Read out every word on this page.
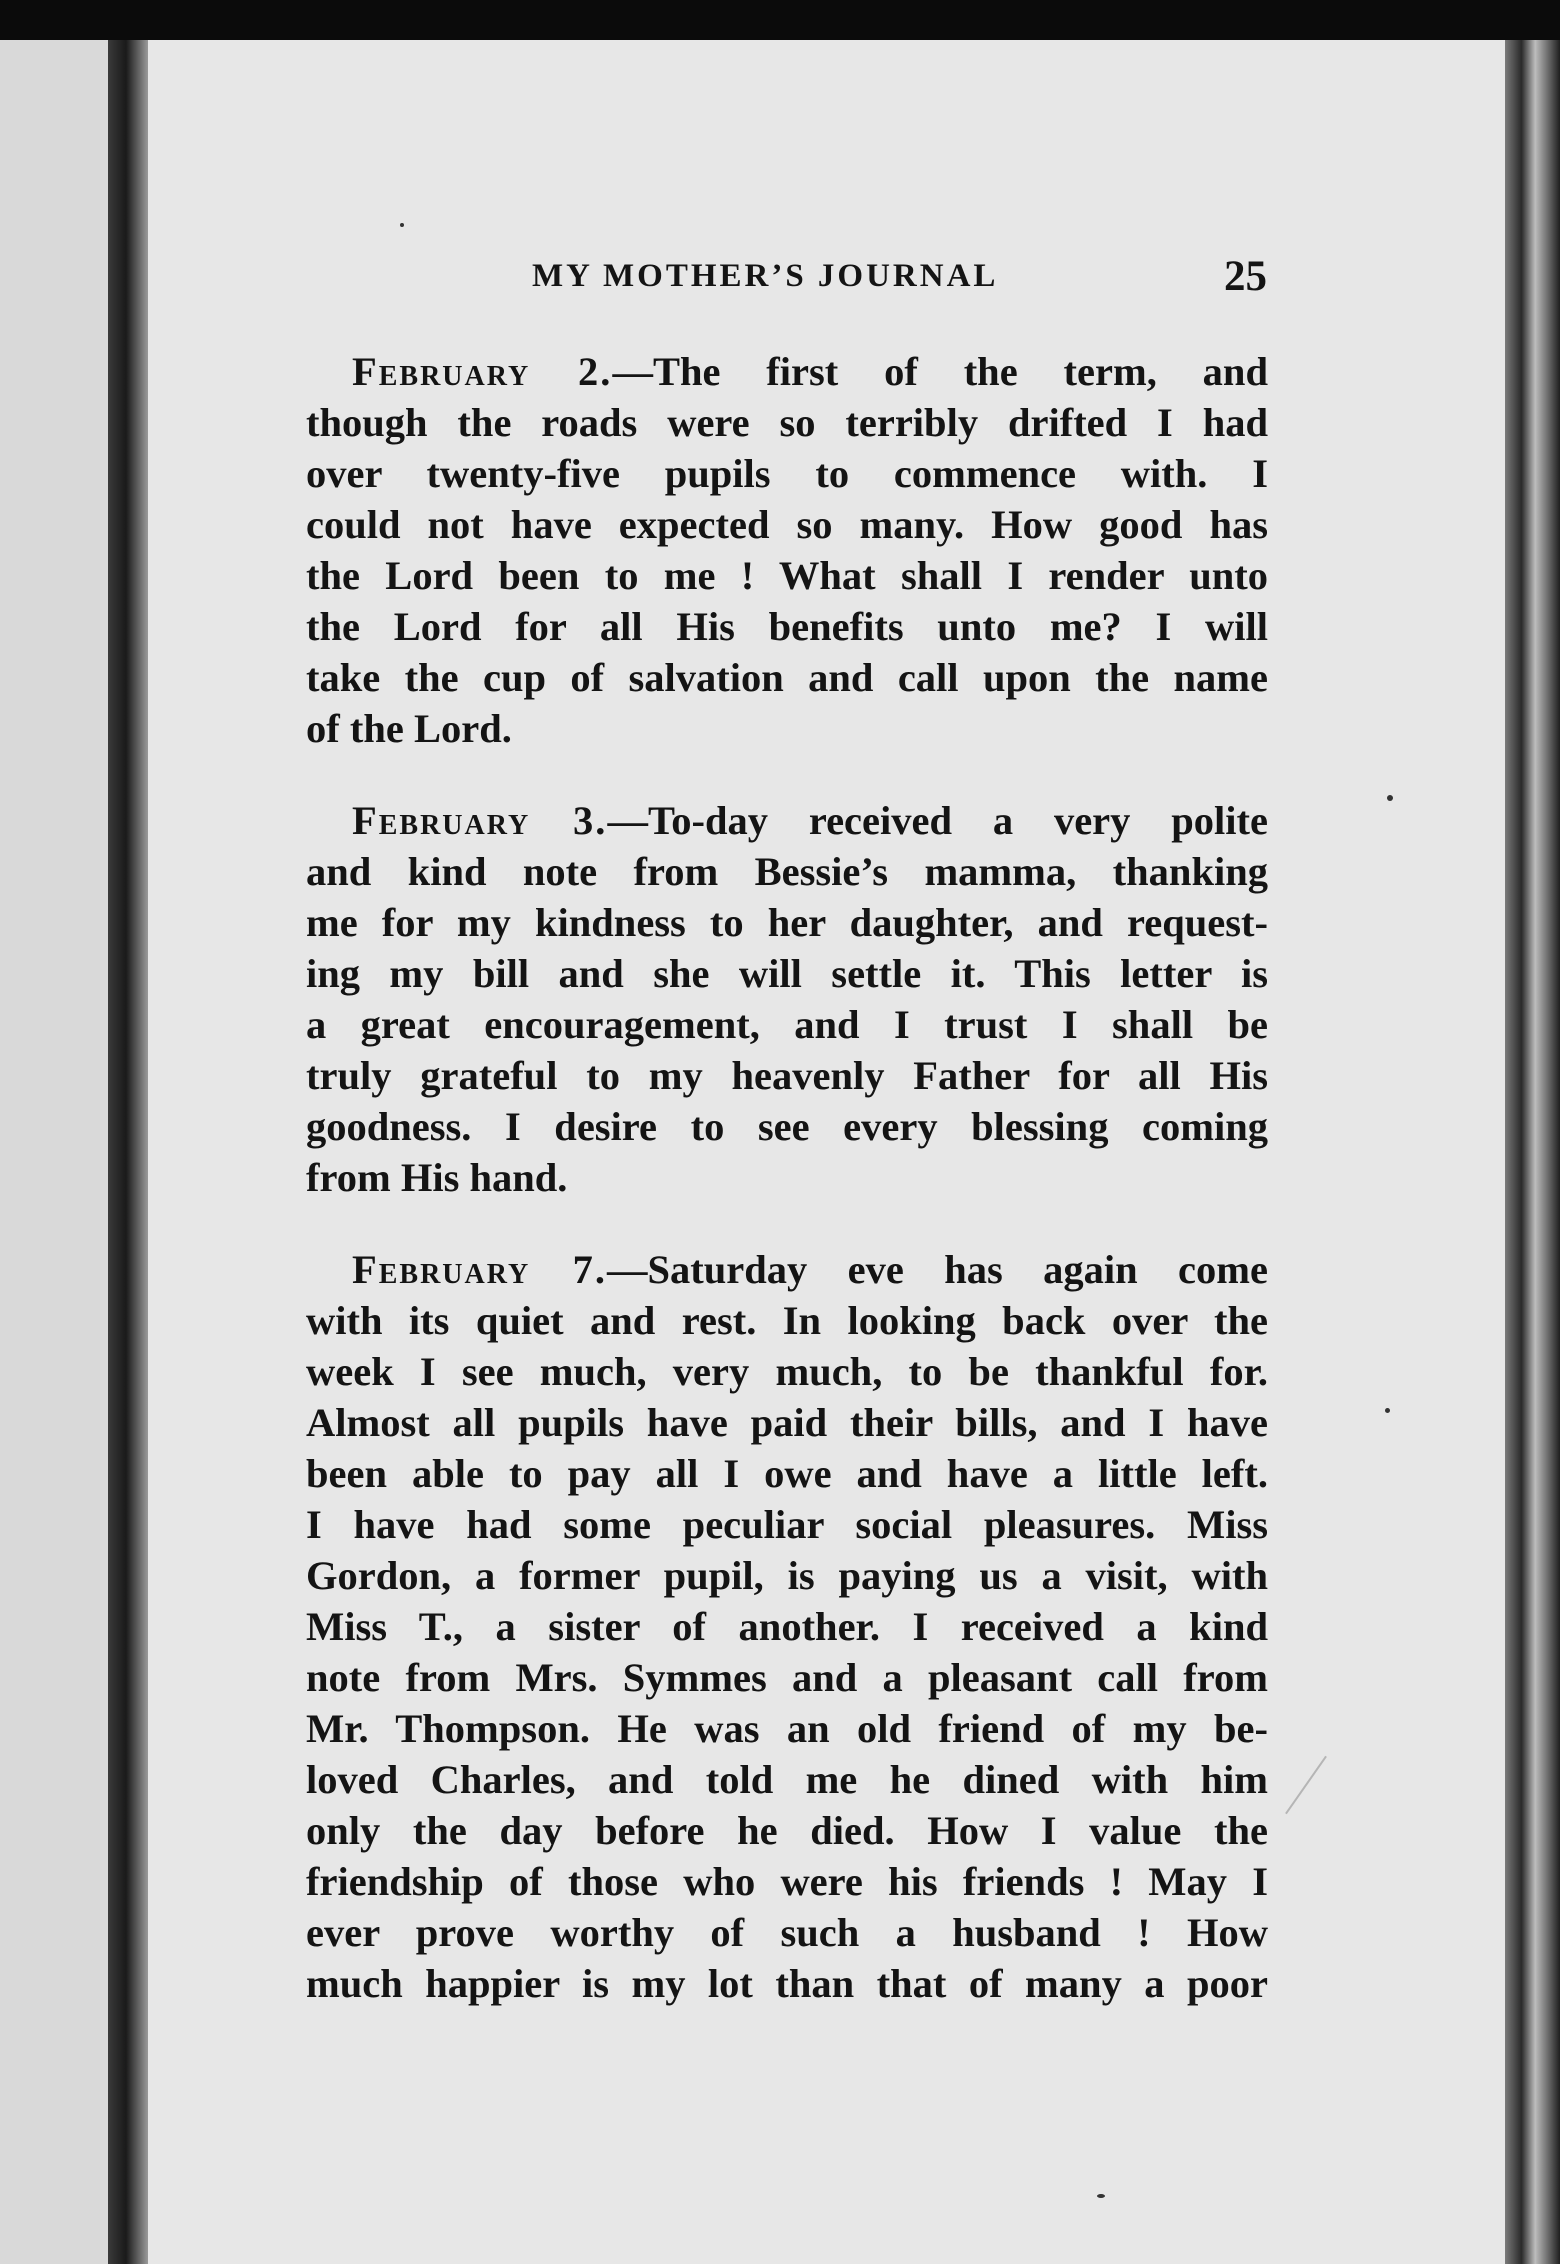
MY MOTHER’S JOURNAL	25
February 2.—The first of the term, and
though the roads were so terribly drifted I had
over twenty-five pupils to commence with. I
could not have expected so many. How good has
the Lord been to me ! What shall I render unto
the Lord for all His benefits unto me? I will
take the cup of salvation and call upon the name
of the Lord.
February 3.—To-day received a very polite
and kind note from Bessie’s mamma, thanking
me for my kindness to her daughter, and request-
ing my bill and she will settle it. This letter is
a great encouragement, and I trust I shall be
truly grateful to my heavenly Father for all His
goodness. I desire to see every blessing coming
from His hand.
February 7.—Saturday eve has again come
with its quiet and rest. In looking back over the
week I see much, very much, to be thankful for.
Almost all pupils have paid their bills, and I have
been able to pay all I owe and have a little left.
I have had some peculiar social pleasures. Miss
Gordon, a former pupil, is paying us a visit, with
Miss T., a sister of another. I received a kind
note from Mrs. Symmes and a pleasant call from
Mr. Thompson. He was an old friend of my be-
loved Charles, and told me he dined with him
only the day before he died. How I value the
friendship of those who were his friends ! May I
ever prove worthy of such a husband ! How
much happier is my lot than that of many a poor
